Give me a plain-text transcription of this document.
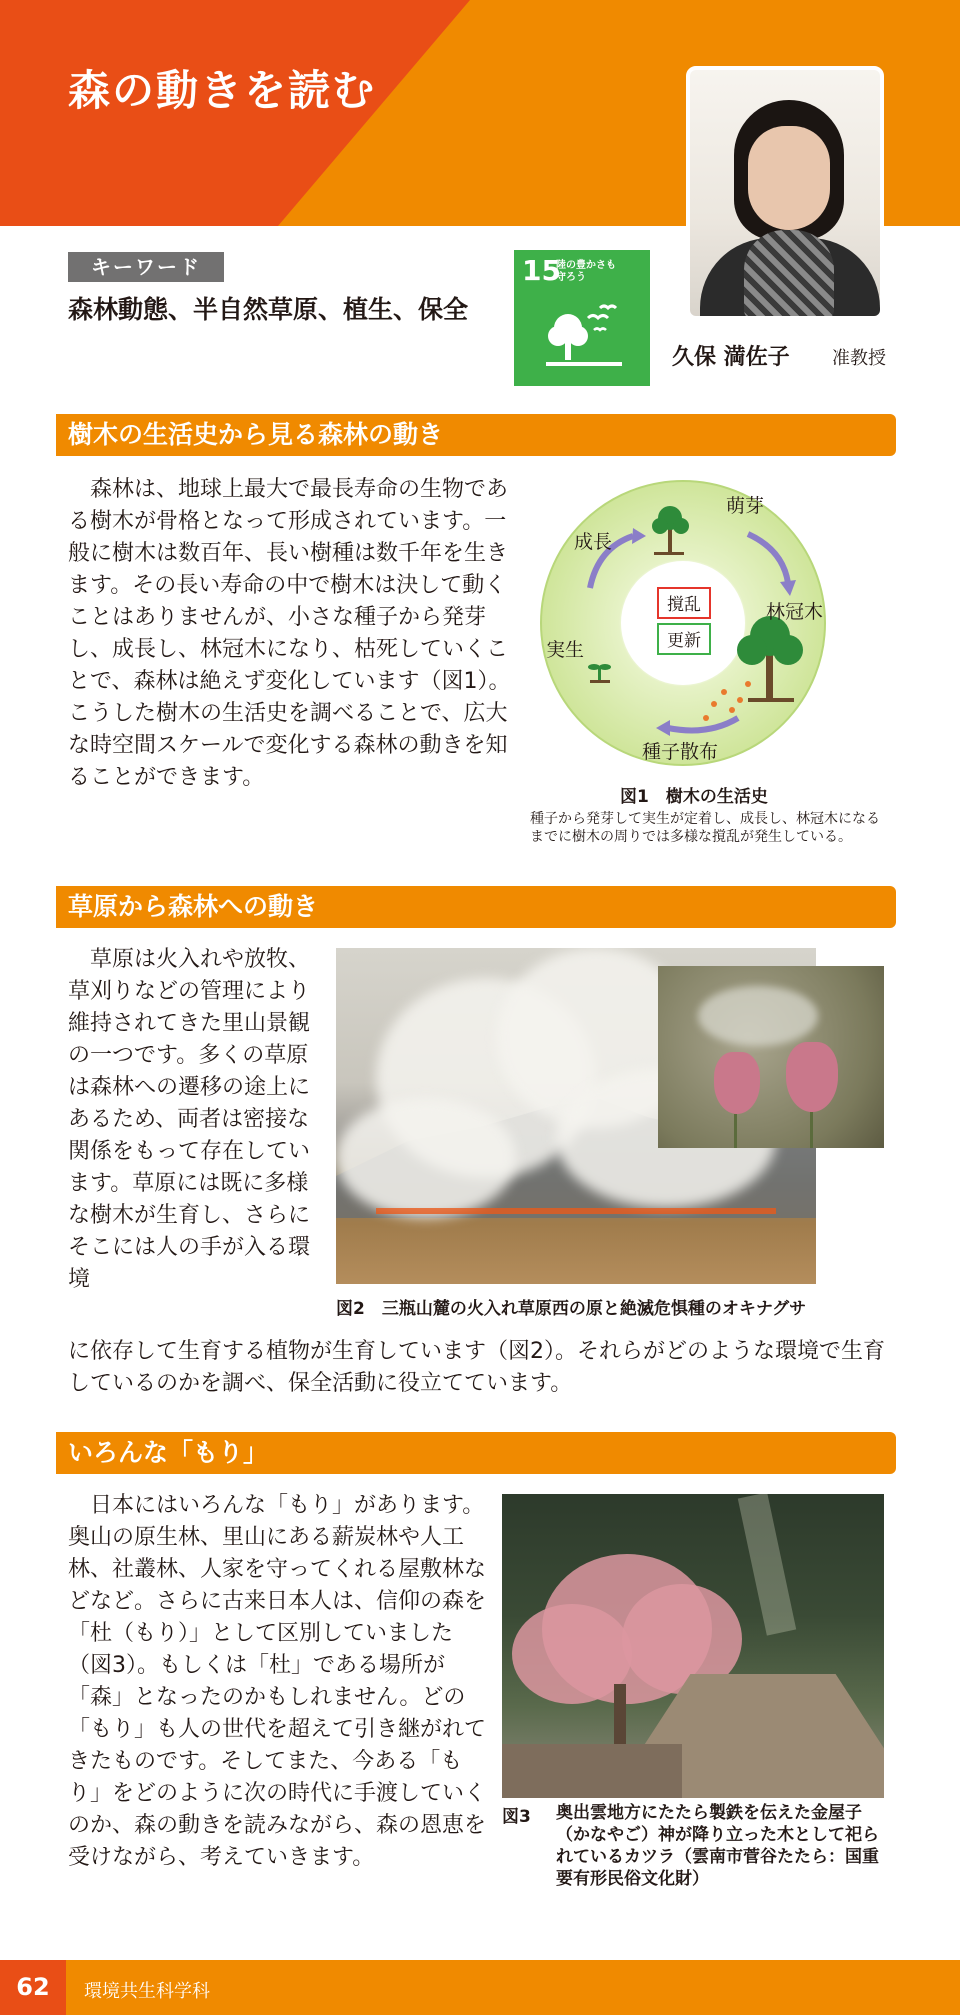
森の動きを読む
久保 満佐子 准教授
キーワード
森林動態、半自然草原、植生、保全
15
陸の豊かさも
守ろう
樹木の生活史から見る森林の動き
森林は、地球上最大で最長寿命の生物である樹木が骨格となって形成されています。一般に樹木は数百年、長い樹種は数千年を生きます。その長い寿命の中で樹木は決して動くことはありませんが、小さな種子から発芽し、成長し、林冠木になり、枯死していくことで、森林は絶えず変化しています（図1）。こうした樹木の生活史を調べることで、広大な時空間スケールで変化する森林の動きを知ることができます。
撹乱
更新
萌芽
成長
林冠木
実生
種子散布
図1　樹木の生活史
種子から発芽して実生が定着し、成長し、林冠木になるまでに樹木の周りでは多様な撹乱が発生している。
草原から森林への動き
草原は火入れや放牧、草刈りなどの管理により維持されてきた里山景観の一つです。多くの草原は森林への遷移の途上にあるため、両者は密接な関係をもって存在しています。草原には既に多様な樹木が生育し、さらにそこには人の手が入る環境
に依存して生育する植物が生育しています（図2）。それらがどのような環境で生育しているのかを調べ、保全活動に役立てています。
図2　三瓶山麓の火入れ草原西の原と絶滅危惧種のオキナグサ
いろんな「もり」
日本にはいろんな「もり」があります。奥山の原生林、里山にある薪炭林や人工林、社叢林、人家を守ってくれる屋敷林などなど。さらに古来日本人は、信仰の森を「杜（もり）」として区別していました（図3）。もしくは「杜」である場所が「森」となったのかもしれません。どの「もり」も人の世代を超えて引き継がれてきたものです。そしてまた、今ある「もり」をどのように次の時代に手渡していくのか、森の動きを読みながら、森の恩恵を受けながら、考えていきます。
図3 奥出雲地方にたたら製鉄を伝えた金屋子（かなやご）神が降り立った木として祀られているカツラ（雲南市菅谷たたら：国重要有形民俗文化財）
62	環境共生科学科
